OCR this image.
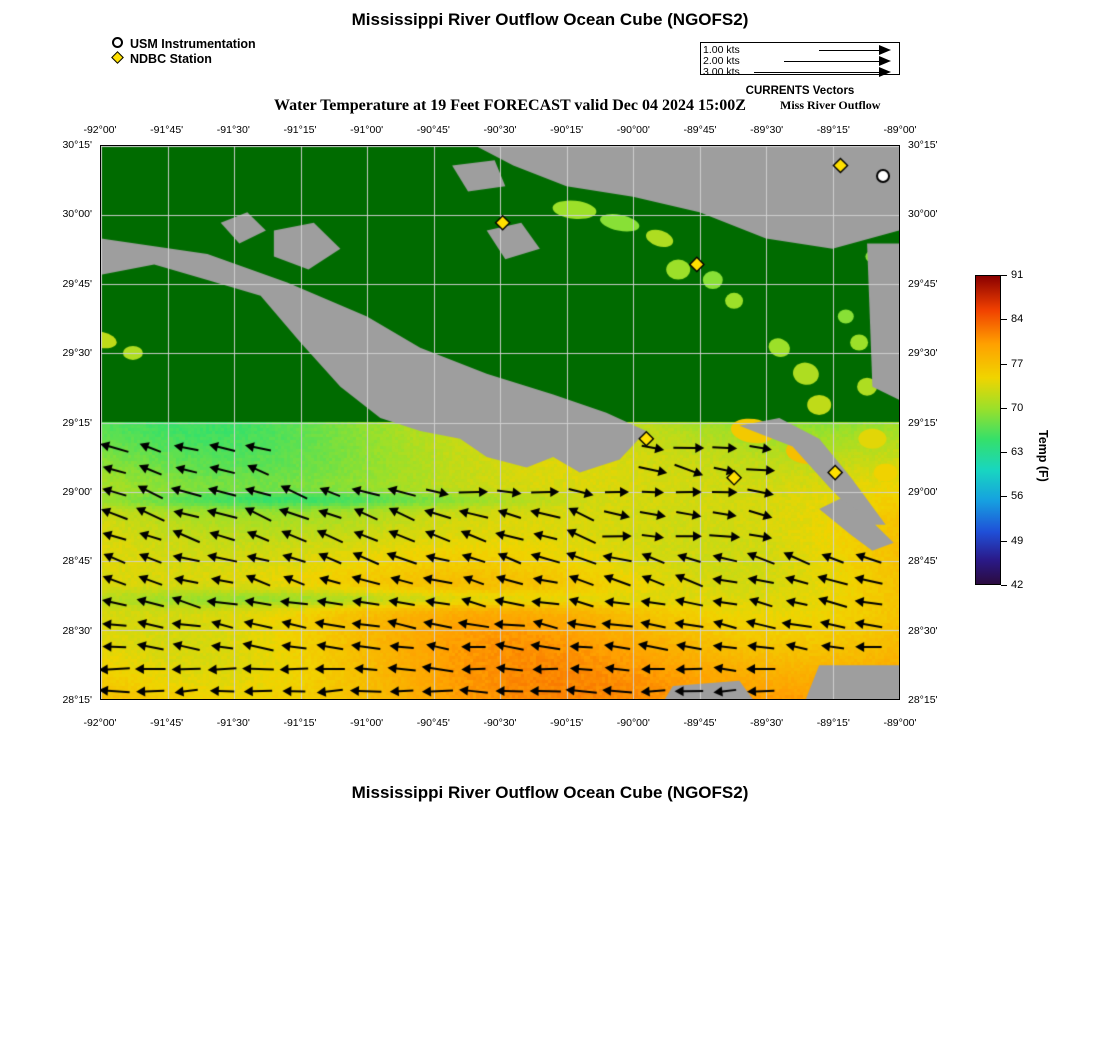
Mississippi River Outflow Ocean Cube (NGOFS2)
Water Temperature at 19 Feet FORECAST valid Dec 04 2024 15:00Z	Miss River Outflow
Mississippi River Outflow Ocean Cube (NGOFS2)
USM Instrumentation
NDBC Station
1.00 kts
2.00 kts
3.00 kts
CURRENTS Vectors
-92°00'
-92°00'
-91°45'
-91°45'
-91°30'
-91°30'
-91°15'
-91°15'
-91°00'
-91°00'
-90°45'
-90°45'
-90°30'
-90°30'
-90°15'
-90°15'
-90°00'
-90°00'
-89°45'
-89°45'
-89°30'
-89°30'
-89°15'
-89°15'
-89°00'
-89°00'
30°15'	30°15'
30°00'	30°00'
29°45'	29°45'
29°30'	29°30'
29°15'	29°15'
29°00'	29°00'
28°45'	28°45'
28°30'	28°30'
28°15'	28°15'
91
84
77
70
63
56
49
42
Temp (F)
